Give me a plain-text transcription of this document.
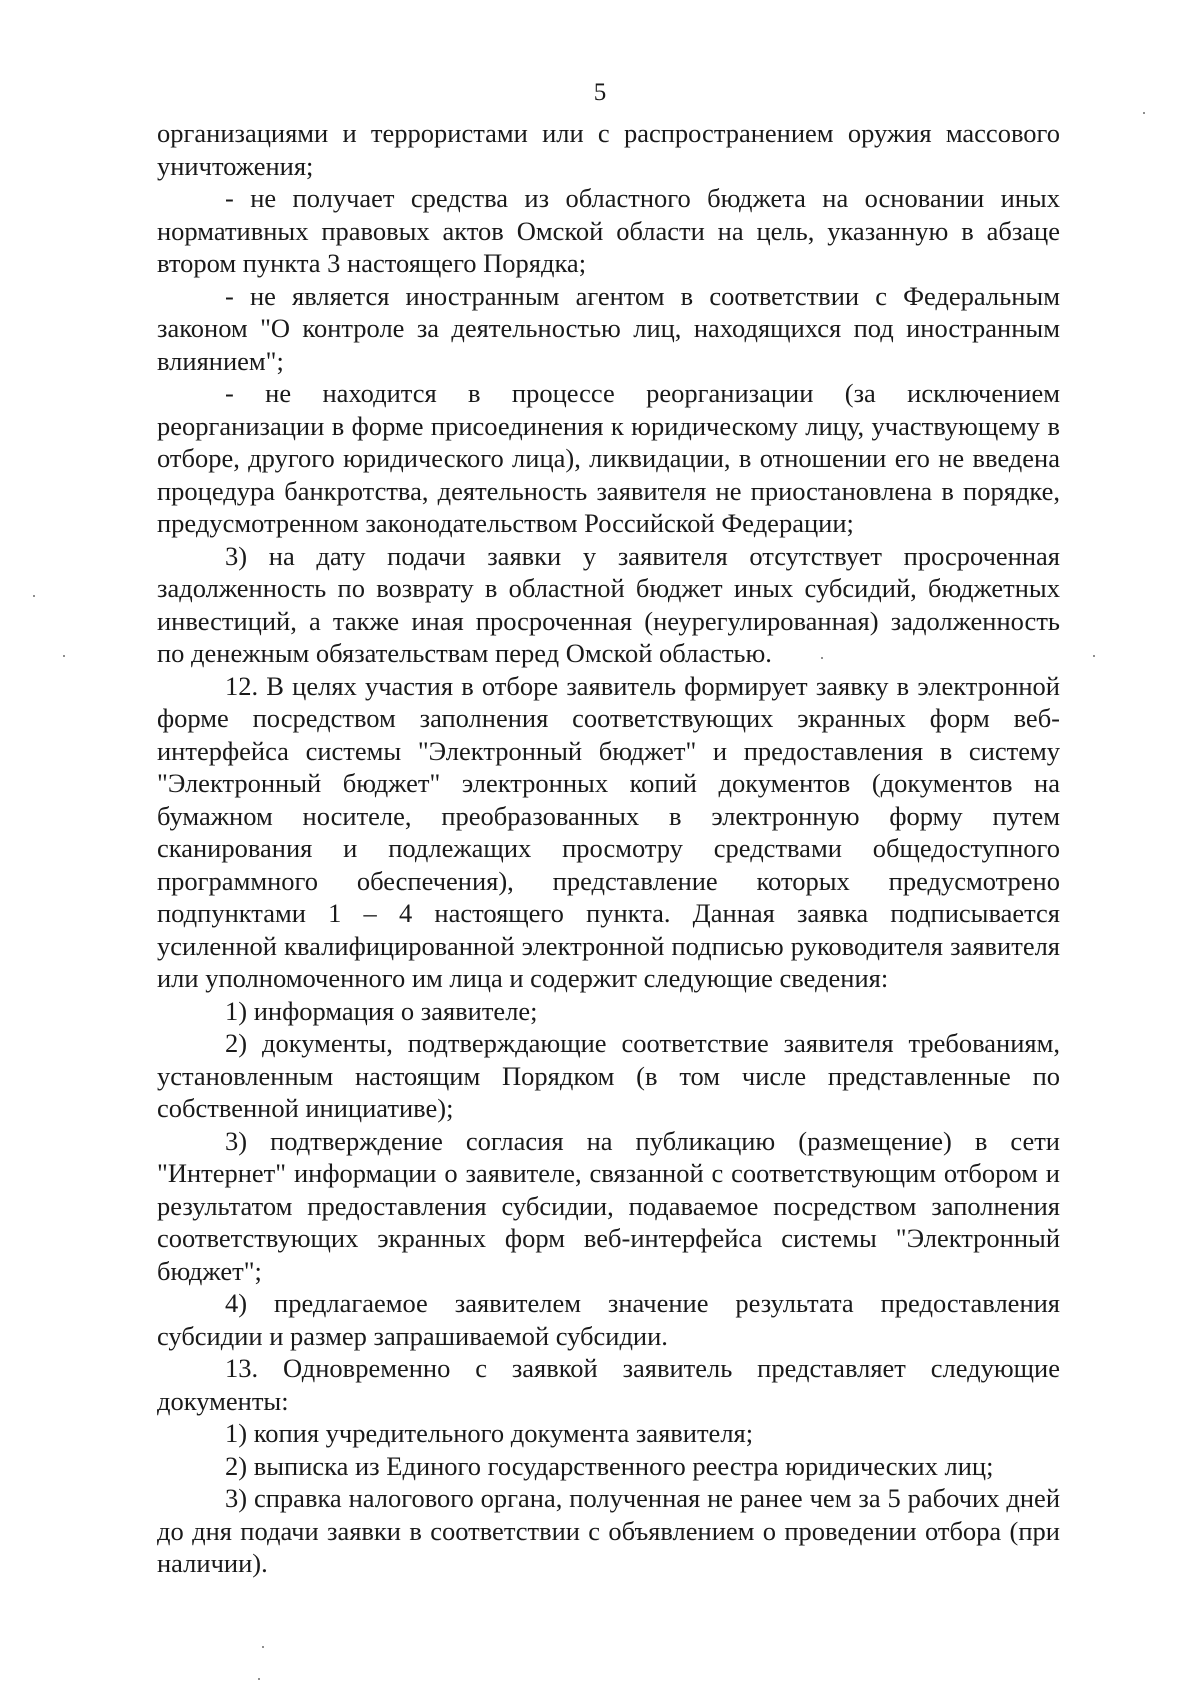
5

организациями и террористами или с распространением оружия массового уничтожения;

- не получает средства из областного бюджета на основании иных нормативных правовых актов Омской области на цель, указанную в абзаце втором пункта 3 настоящего Порядка;

- не является иностранным агентом в соответствии с Федеральным законом "О контроле за деятельностью лиц, находящихся под иностранным влиянием";

- не находится в процессе реорганизации (за исключением реорганизации в форме присоединения к юридическому лицу, участвующему в отборе, другого юридического лица), ликвидации, в отношении его не введена процедура банкротства, деятельность заявителя не приостановлена в порядке, предусмотренном законодательством Российской Федерации;

3) на дату подачи заявки у заявителя отсутствует просроченная задолженность по возврату в областной бюджет иных субсидий, бюджетных инвестиций, а также иная просроченная (неурегулированная) задолженность по денежным обязательствам перед Омской областью.

12. В целях участия в отборе заявитель формирует заявку в электронной форме посредством заполнения соответствующих экранных форм веб-интерфейса системы "Электронный бюджет" и предоставления в систему "Электронный бюджет" электронных копий документов (документов на бумажном носителе, преобразованных в электронную форму путем сканирования и подлежащих просмотру средствами общедоступного программного обеспечения), представление которых предусмотрено подпунктами 1 – 4 настоящего пункта. Данная заявка подписывается усиленной квалифицированной электронной подписью руководителя заявителя или уполномоченного им лица и содержит следующие сведения:

1) информация о заявителе;

2) документы, подтверждающие соответствие заявителя требованиям, установленным настоящим Порядком (в том числе представленные по собственной инициативе);

3) подтверждение согласия на публикацию (размещение) в сети "Интернет" информации о заявителе, связанной с соответствующим отбором и результатом предоставления субсидии, подаваемое посредством заполнения соответствующих экранных форм веб-интерфейса системы "Электронный бюджет";

4) предлагаемое заявителем значение результата предоставления субсидии и размер запрашиваемой субсидии.

13. Одновременно с заявкой заявитель представляет следующие документы:

1) копия учредительного документа заявителя;

2) выписка из Единого государственного реестра юридических лиц;

3) справка налогового органа, полученная не ранее чем за 5 рабочих дней до дня подачи заявки в соответствии с объявлением о проведении отбора (при наличии).
